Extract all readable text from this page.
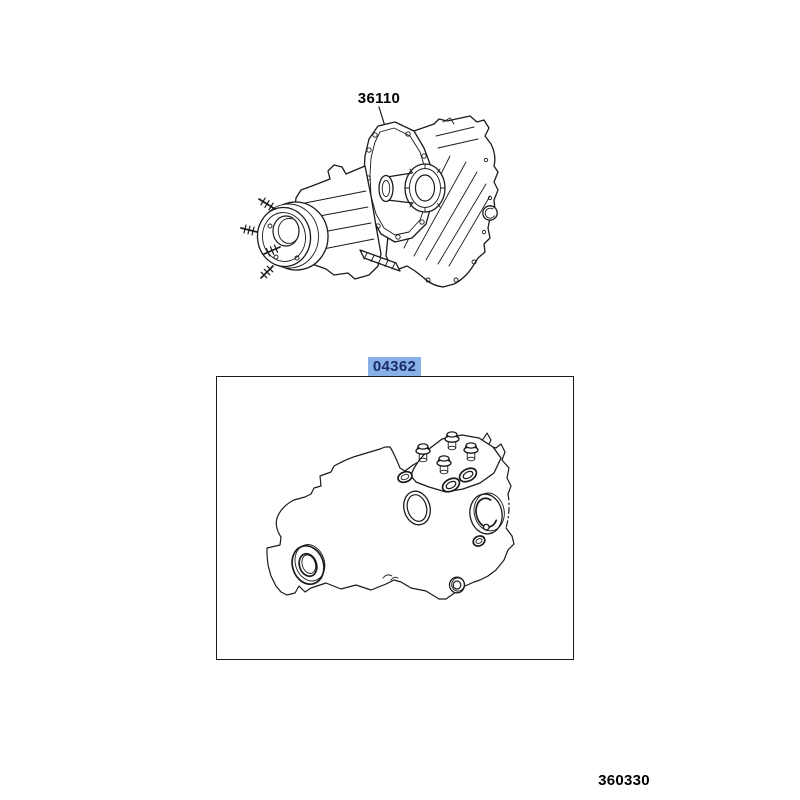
36110
04362
360330
